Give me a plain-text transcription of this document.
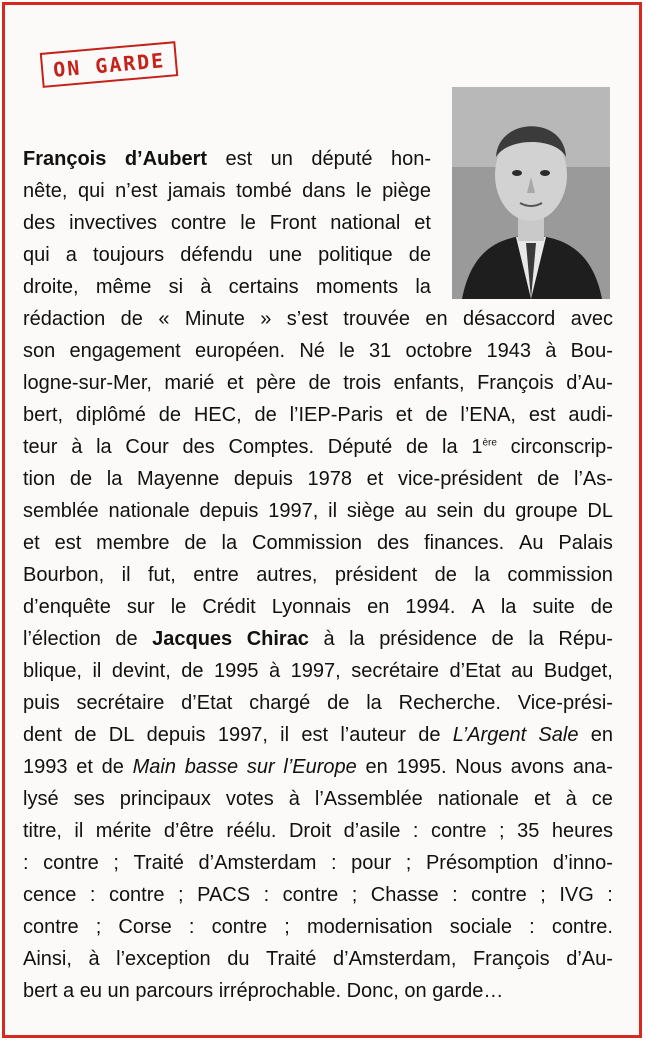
ON GARDE
François d’Aubert est un député hon-
nête, qui n’est jamais tombé dans le piège
des invectives contre le Front national et
qui a toujours défendu une politique de
droite, même si à certains moments la
rédaction de « Minute » s’est trouvée en désaccord avec
son engagement européen. Né le 31 octobre 1943 à Bou-
logne-sur-Mer, marié et père de trois enfants, François d’Au-
bert, diplômé de HEC, de l’IEP-Paris et de l’ENA, est audi-
teur à la Cour des Comptes. Député de la 1ère circonscrip-
tion de la Mayenne depuis 1978 et vice-président de l’As-
semblée nationale depuis 1997, il siège au sein du groupe DL
et est membre de la Commission des finances. Au Palais
Bourbon, il fut, entre autres, président de la commission
d’enquête sur le Crédit Lyonnais en 1994. A la suite de
l’élection de Jacques Chirac à la présidence de la Répu-
blique, il devint, de 1995 à 1997, secrétaire d’Etat au Budget,
puis secrétaire d’Etat chargé de la Recherche. Vice-prési-
dent de DL depuis 1997, il est l’auteur de L’Argent Sale en
1993 et de Main basse sur l’Europe en 1995. Nous avons ana-
lysé ses principaux votes à l’Assemblée nationale et à ce
titre, il mérite d’être réélu. Droit d’asile : contre ; 35 heures
: contre ; Traité d’Amsterdam : pour ; Présomption d’inno-
cence : contre ; PACS : contre ; Chasse : contre ; IVG :
contre ; Corse : contre ; modernisation sociale : contre.
Ainsi, à l’exception du Traité d’Amsterdam, François d’Au-
bert
a
eu
un
parcours
irréprochable.
Donc,
on
garde…
